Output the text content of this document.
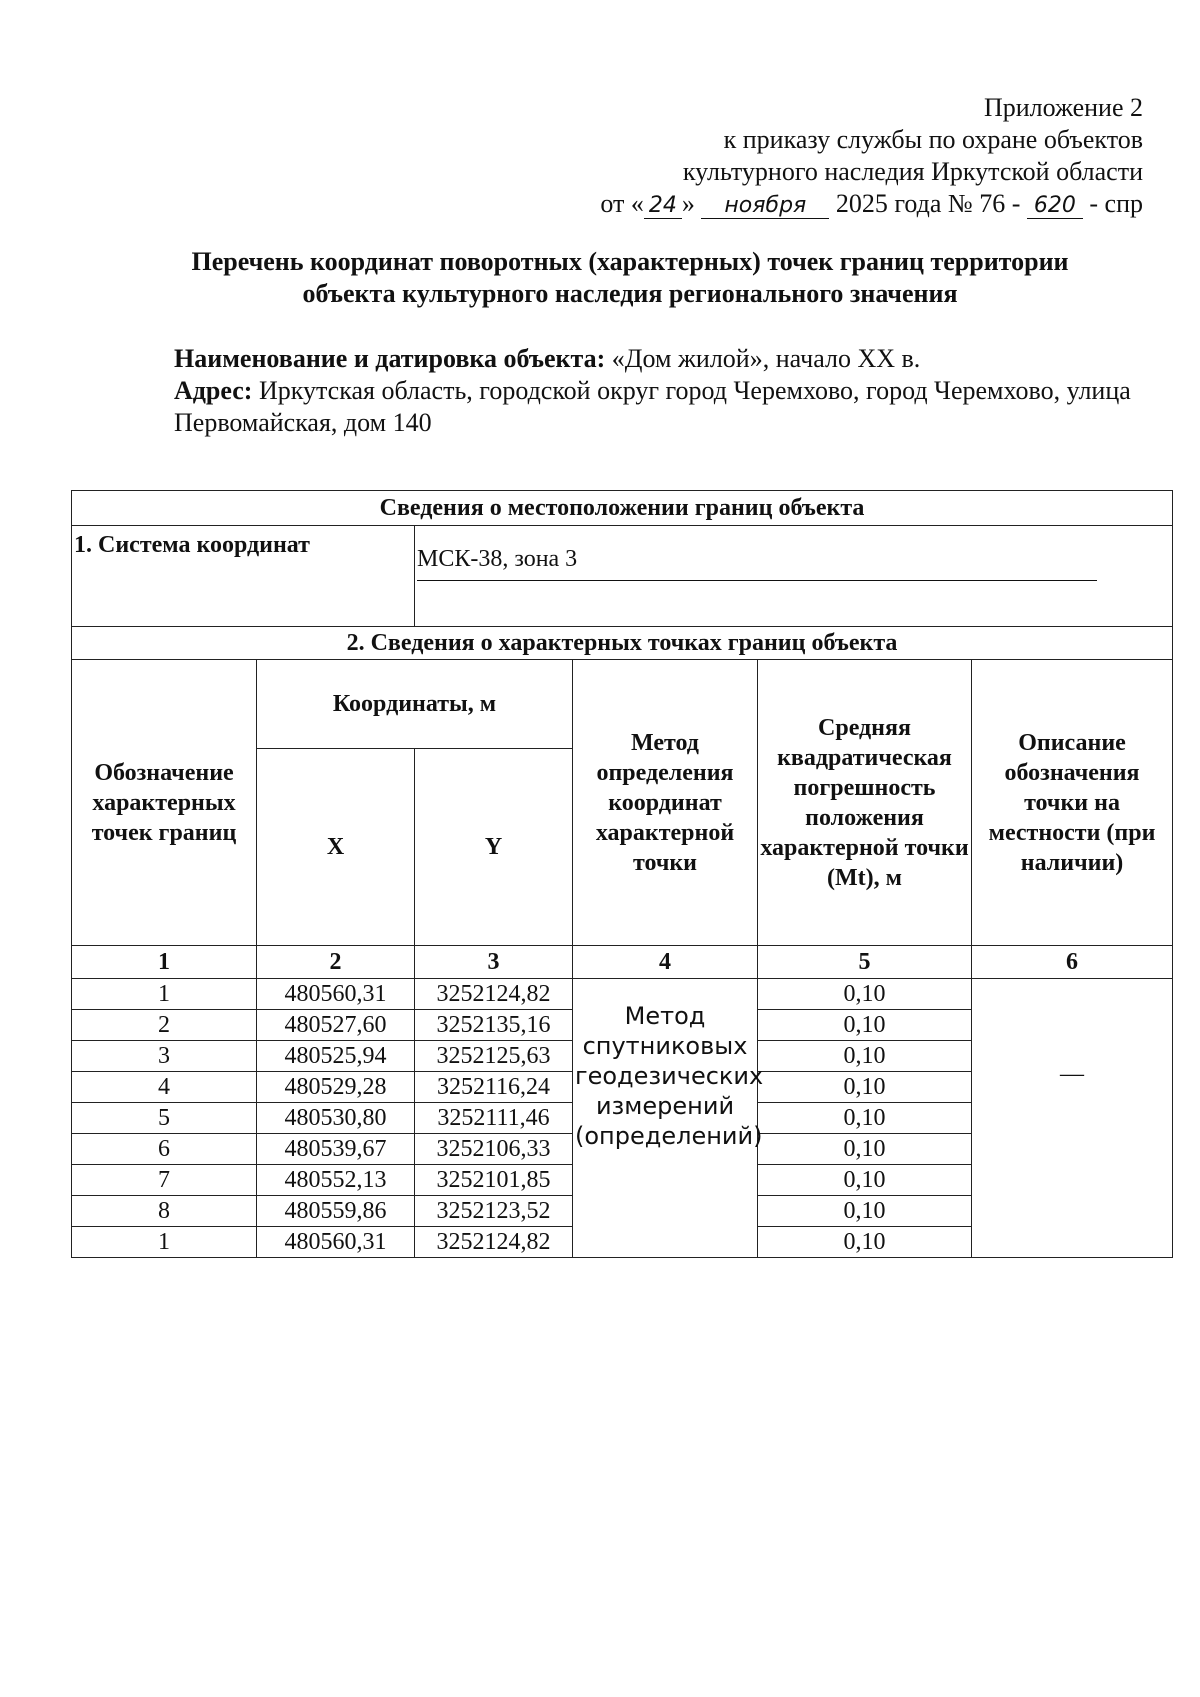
Приложение 2
к приказу службы по охране объектов
культурного наследия Иркутской области
от « 24 » ноября 2025 года № 76 - 620 - спр
Перечень координат поворотных (характерных) точек границ территории
объекта культурного наследия регионального значения
Наименование и датировка объекта: «Дом жилой», начало XX в.
Адрес: Иркутская область, городской округ город Черемхово, город Черемхово, улица Первомайская, дом 140
Сведения о местоположении границ объекта					
1. Система координат		МСК-38, зона 3			

2. Сведения о характерных точках границ объекта					
Обозначение характерных точек границ	Координаты, м		Метод определения координат характерной точки	Средняя квадратическая погрешность положения характерной точки (Mt), м	Описание обозначения точки на местности (при наличии)
	X	Y			
1	2	3	4	5	6
1	480560,31	3252124,82	Метод спутниковых геодезических измерений (определений)	0,10	—
2	480527,60	3252135,16		0,10	
3	480525,94	3252125,63		0,10	
4	480529,28	3252116,24		0,10	
5	480530,80	3252111,46		0,10	
6	480539,67	3252106,33		0,10	
7	480552,13	3252101,85		0,10	
8	480559,86	3252123,52		0,10	
1	480560,31	3252124,82		0,10	
